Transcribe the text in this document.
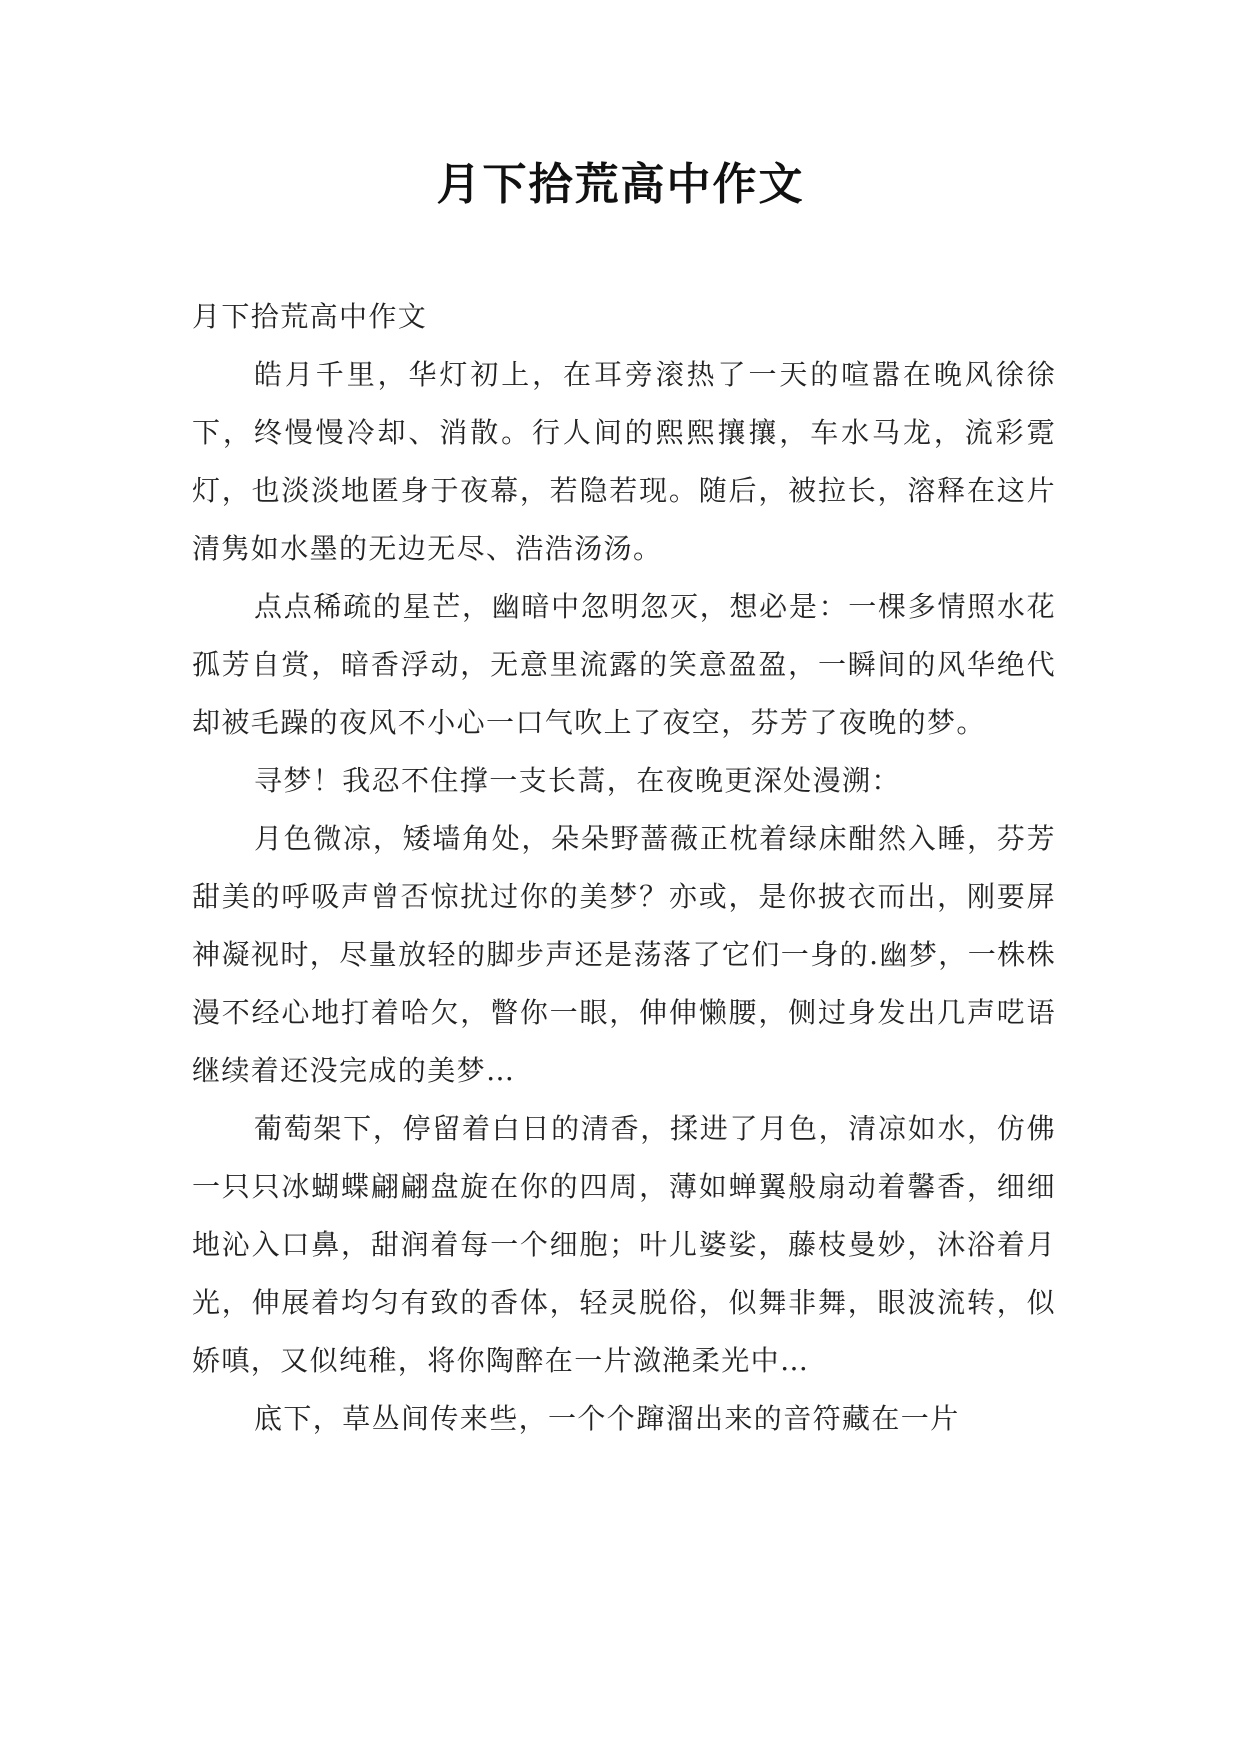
月下拾荒高中作文

月下拾荒高中作文

皓月千里，华灯初上，在耳旁滚热了一天的喧嚣在晚风徐徐下，终慢慢冷却、消散。行人间的熙熙攘攘，车水马龙，流彩霓灯，也淡淡地匿身于夜幕，若隐若现。随后，被拉长，溶释在这片清隽如水墨的无边无尽、浩浩汤汤。

点点稀疏的星芒，幽暗中忽明忽灭，想必是：一棵多情照水花孤芳自赏，暗香浮动，无意里流露的笑意盈盈，一瞬间的风华绝代却被毛躁的夜风不小心一口气吹上了夜空，芬芳了夜晚的梦。

寻梦！我忍不住撑一支长蒿，在夜晚更深处漫溯：

月色微凉，矮墙角处，朵朵野蔷薇正枕着绿床酣然入睡，芬芳甜美的呼吸声曾否惊扰过你的美梦？亦或，是你披衣而出，刚要屏神凝视时，尽量放轻的脚步声还是荡落了它们一身的.幽梦，一株株漫不经心地打着哈欠，瞥你一眼，伸伸懒腰，侧过身发出几声呓语继续着还没完成的美梦…

葡萄架下，停留着白日的清香，揉进了月色，清凉如水，仿佛一只只冰蝴蝶翩翩盘旋在你的四周，薄如蝉翼般扇动着馨香，细细地沁入口鼻，甜润着每一个细胞；叶儿婆娑，藤枝曼妙，沐浴着月光，伸展着均匀有致的香体，轻灵脱俗，似舞非舞，眼波流转，似娇嗔，又似纯稚，将你陶醉在一片潋滟柔光中…

底下，草丛间传来些，一个个蹿溜出来的音符藏在一片
